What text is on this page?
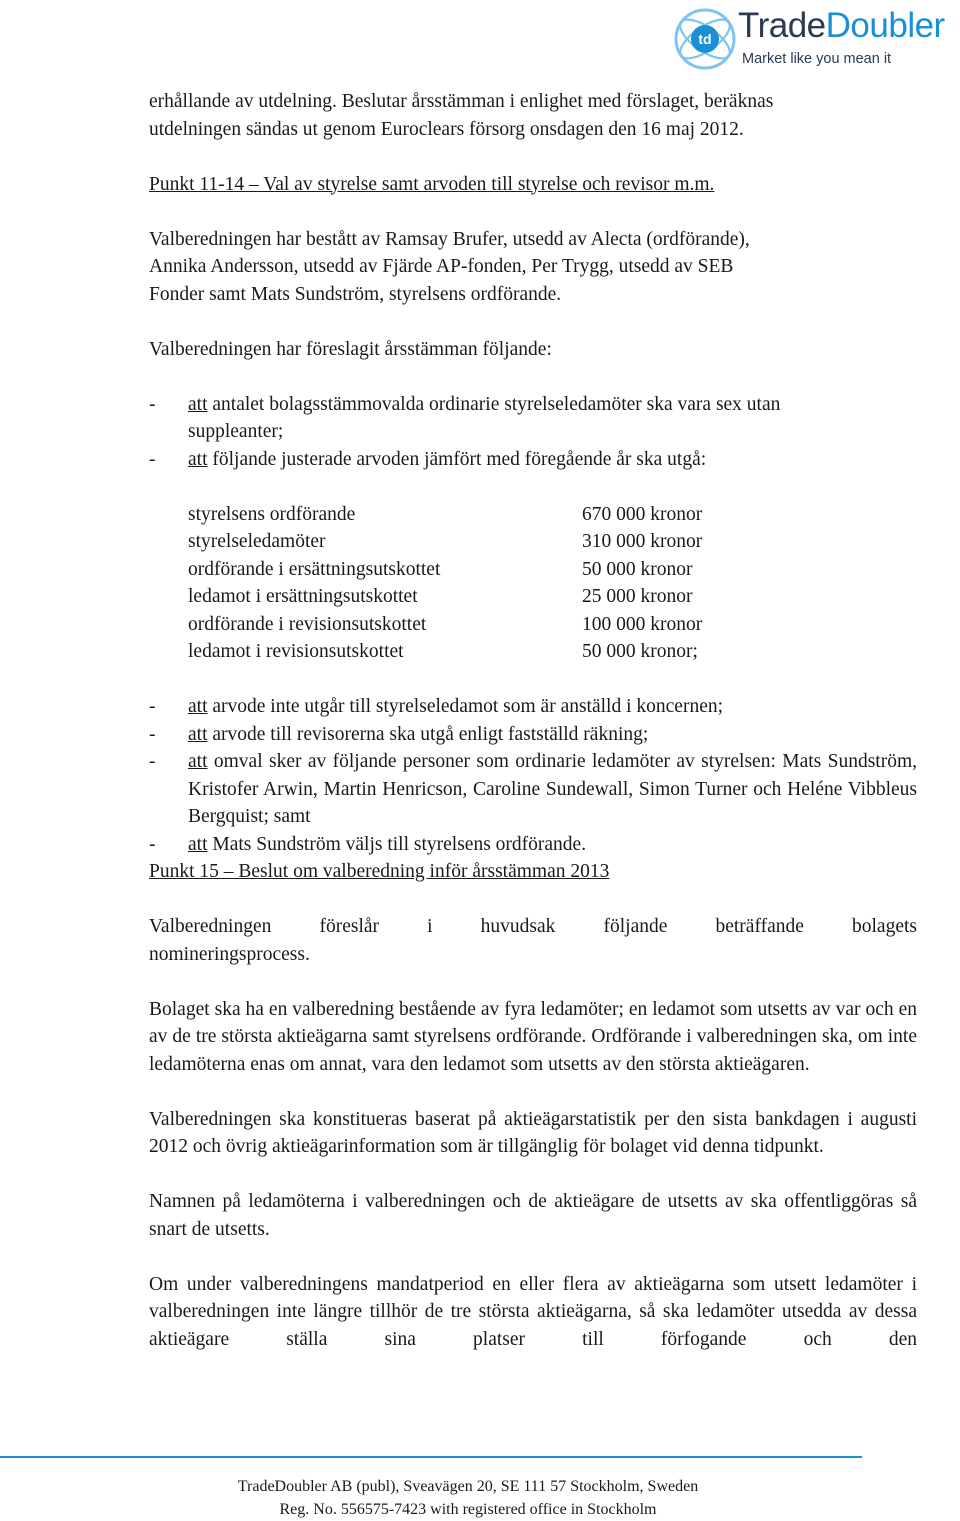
td TradeDoubler
Market like you mean it

erhållande av utdelning. Beslutar årsstämman i enlighet med förslaget, beräknas

utdelningen sändas ut genom Euroclears försorg onsdagen den 16 maj 2012.

Punkt 11-14 – Val av styrelse samt arvoden till styrelse och revisor m.m.

Valberedningen har bestått av Ramsay Brufer, utsedd av Alecta (ordförande),

Annika Andersson, utsedd av Fjärde AP-fonden, Per Trygg, utsedd av SEB

Fonder samt Mats Sundström, styrelsens ordförande.

Valberedningen har föreslagit årsstämman följande:

- att antalet bolagsstämmovalda ordinarie styrelseledamöter ska vara sex utan
suppleanter;
- att följande justerade arvoden jämfört med föregående år ska utgå:
styrelsens ordförande	670 000 kronor
styrelseledamöter	310 000 kronor
ordförande i ersättningsutskottet	50 000 kronor
ledamot i ersättningsutskottet	25 000 kronor
ordförande i revisionsutskottet	100 000 kronor
ledamot i revisionsutskottet	50 000 kronor;
- att arvode inte utgår till styrelseledamot som är anställd i koncernen;
- att arvode till revisorerna ska utgå enligt fastställd räkning;
- att omval sker av följande personer som ordinarie ledamöter av styrelsen: Mats Sundström, Kristofer Arwin, Martin Henricson, Caroline Sundewall, Simon Turner och Heléne Vibbleus Bergquist; samt
- att Mats Sundström väljs till styrelsens ordförande.

Punkt 15 – Beslut om valberedning inför årsstämman 2013

Valberedningen föreslår i huvudsak följande beträffande bolagets

nomineringsprocess.

Bolaget ska ha en valberedning bestående av fyra ledamöter; en ledamot som utsetts av var och en av de tre största aktieägarna samt styrelsens ordförande. Ordförande i valberedningen ska, om inte ledamöterna enas om annat, vara den ledamot som utsetts av den största aktieägaren.

Valberedningen ska konstitueras baserat på aktieägarstatistik per den sista bankdagen i augusti 2012 och övrig aktieägarinformation som är tillgänglig för bolaget vid denna tidpunkt.

Namnen på ledamöterna i valberedningen och de aktieägare de utsetts av ska offentliggöras så snart de utsetts.

Om under valberedningens mandatperiod en eller flera av aktieägarna som utsett ledamöter i valberedningen inte längre tillhör de tre största aktieägarna, så ska ledamöter utsedda av dessa aktieägare ställa sina platser till förfogande och den

TradeDoubler AB (publ), Sveavägen 20, SE 111 57 Stockholm, Sweden
Reg. No. 556575-7423 with registered office in Stockholm
